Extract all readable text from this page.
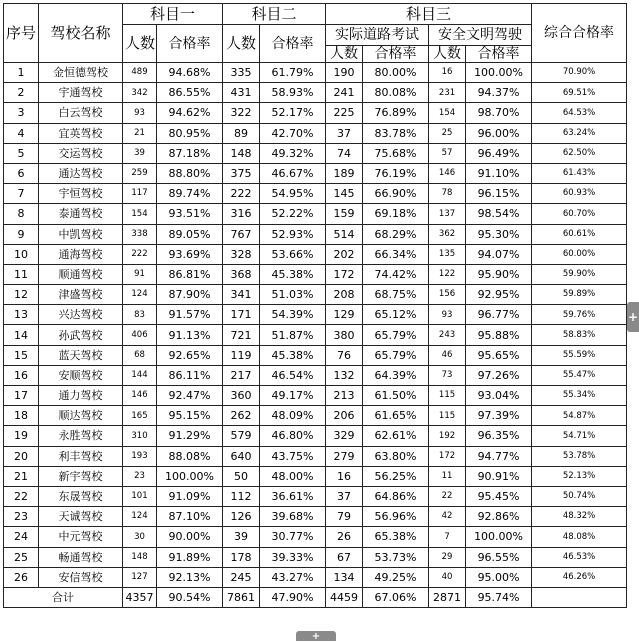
序号	驾校名称	科目一		科目二		科目三				综合合格率
		人数	合格率	人数	合格率	实际道路考试		安全文明驾驶		
						人数	合格率	人数	合格率	
1	金恒德驾校	489	94.68%	335	61.79%	190	80.00%	16	100.00%	70.90%
2	宇通驾校	342	86.55%	431	58.93%	241	80.08%	231	94.37%	69.51%
3	白云驾校	93	94.62%	322	52.17%	225	76.89%	154	98.70%	64.53%
4	宜英驾校	21	80.95%	89	42.70%	37	83.78%	25	96.00%	63.24%
5	交运驾校	39	87.18%	148	49.32%	74	75.68%	57	96.49%	62.50%
6	通达驾校	259	88.80%	375	46.67%	189	76.19%	146	91.10%	61.43%
7	宇恒驾校	117	89.74%	222	54.95%	145	66.90%	78	96.15%	60.93%
8	泰通驾校	154	93.51%	316	52.22%	159	69.18%	137	98.54%	60.70%
9	中凯驾校	338	89.05%	767	52.93%	514	68.29%	362	95.30%	60.61%
10	通海驾校	222	93.69%	328	53.66%	202	66.34%	135	94.07%	60.00%
11	顺通驾校	91	86.81%	368	45.38%	172	74.42%	122	95.90%	59.90%
12	津盛驾校	124	87.90%	341	51.03%	208	68.75%	156	92.95%	59.89%
13	兴达驾校	83	91.57%	171	54.39%	129	65.12%	93	96.77%	59.76%
14	孙武驾校	406	91.13%	721	51.87%	380	65.79%	243	95.88%	58.83%
15	蓝天驾校	68	92.65%	119	45.38%	76	65.79%	46	95.65%	55.59%
16	安顺驾校	144	86.11%	217	46.54%	132	64.39%	73	97.26%	55.47%
17	通力驾校	146	92.47%	360	49.17%	213	61.50%	115	93.04%	55.34%
18	顺达驾校	165	95.15%	262	48.09%	206	61.65%	115	97.39%	54.87%
19	永胜驾校	310	91.29%	579	46.80%	329	62.61%	192	96.35%	54.71%
20	利丰驾校	193	88.08%	640	43.75%	279	63.80%	172	94.77%	53.78%
21	新宇驾校	23	100.00%	50	48.00%	16	56.25%	11	90.91%	52.13%
22	东晟驾校	101	91.09%	112	36.61%	37	64.86%	22	95.45%	50.74%
23	天诚驾校	124	87.10%	126	39.68%	79	56.96%	42	92.86%	48.32%
24	中元驾校	30	90.00%	39	30.77%	26	65.38%	7	100.00%	48.08%
25	畅通驾校	148	91.89%	178	39.33%	67	53.73%	29	96.55%	46.53%
26	安信驾校	127	92.13%	245	43.27%	134	49.25%	40	95.00%	46.26%
合计		4357	90.54%	7861	47.90%	4459	67.06%	2871	95.74%	
+
+
